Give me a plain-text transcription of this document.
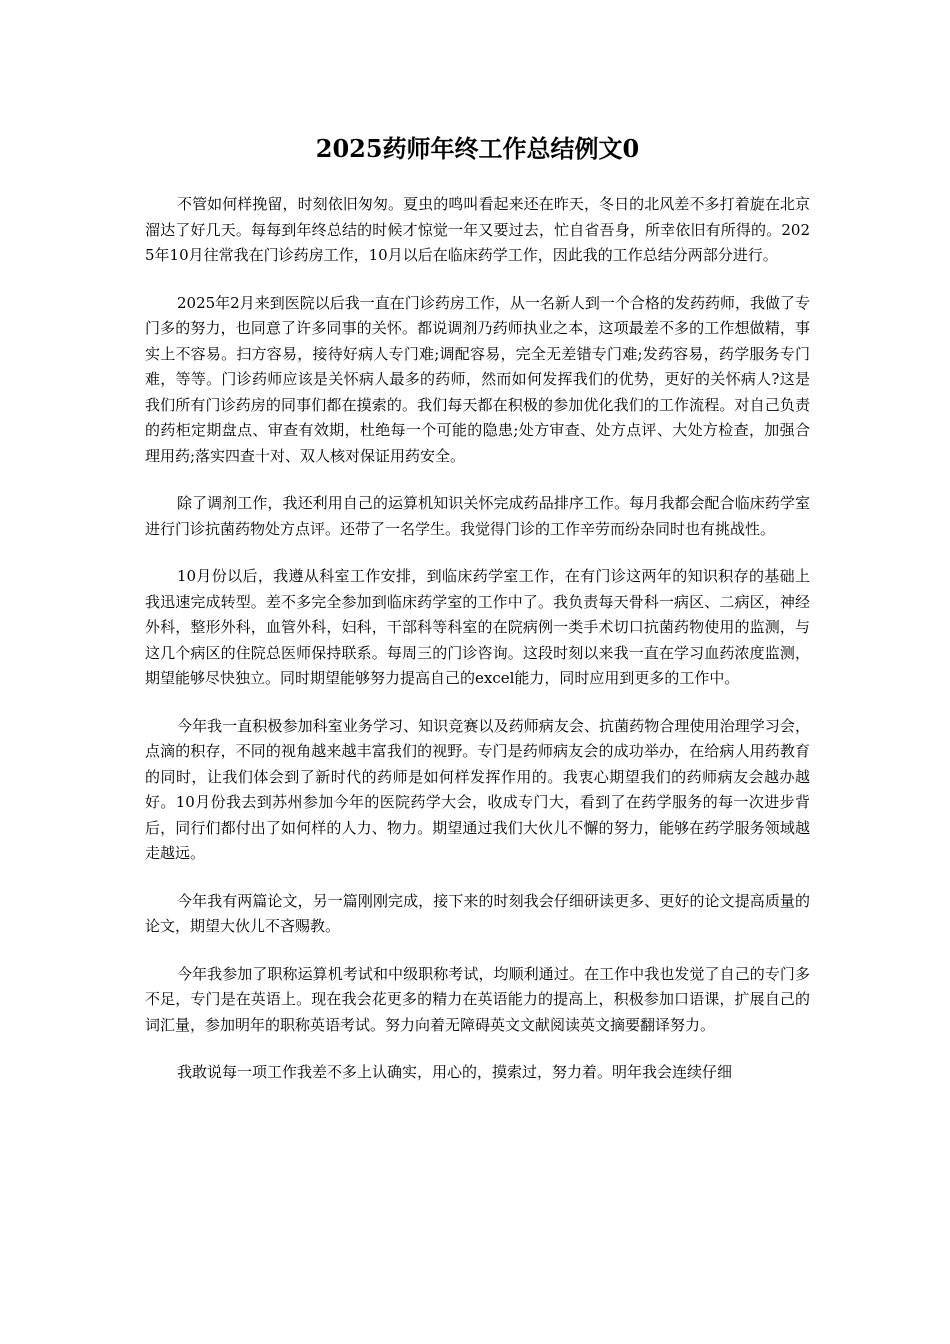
2025药师年终工作总结例文0

不管如何样挽留，时刻依旧匆匆。夏虫的鸣叫看起来还在昨天，冬日的北风差不多打着旋在北京溜达了好几天。每每到年终总结的时候才惊觉一年又要过去，忙自省吾身，所幸依旧有所得的。2025年10月往常我在门诊药房工作，10月以后在临床药学工作，因此我的工作总结分两部分进行。

2025年2月来到医院以后我一直在门诊药房工作，从一名新人到一个合格的发药药师，我做了专门多的努力，也同意了许多同事的关怀。都说调剂乃药师执业之本，这项最差不多的工作想做精，事实上不容易。扫方容易，接待好病人专门难;调配容易，完全无差错专门难;发药容易，药学服务专门难，等等。门诊药师应该是关怀病人最多的药师，然而如何发挥我们的优势，更好的关怀病人?这是我们所有门诊药房的同事们都在摸索的。我们每天都在积极的参加优化我们的工作流程。对自己负责的药柜定期盘点、审查有效期，杜绝每一个可能的隐患;处方审查、处方点评、大处方检查，加强合理用药;落实四查十对、双人核对保证用药安全。

除了调剂工作，我还利用自己的运算机知识关怀完成药品排序工作。每月我都会配合临床药学室进行门诊抗菌药物处方点评。还带了一名学生。我觉得门诊的工作辛劳而纷杂同时也有挑战性。

10月份以后，我遵从科室工作安排，到临床药学室工作，在有门诊这两年的知识积存的基础上我迅速完成转型。差不多完全参加到临床药学室的工作中了。我负责每天骨科一病区、二病区，神经外科，整形外科，血管外科，妇科，干部科等科室的在院病例一类手术切口抗菌药物使用的监测，与这几个病区的住院总医师保持联系。每周三的门诊咨询。这段时刻以来我一直在学习血药浓度监测，期望能够尽快独立。同时期望能够努力提高自己的excel能力，同时应用到更多的工作中。

今年我一直积极参加科室业务学习、知识竞赛以及药师病友会、抗菌药物合理使用治理学习会，点滴的积存，不同的视角越来越丰富我们的视野。专门是药师病友会的成功举办，在给病人用药教育的同时，让我们体会到了新时代的药师是如何样发挥作用的。我衷心期望我们的药师病友会越办越好。10月份我去到苏州参加今年的医院药学大会，收成专门大，看到了在药学服务的每一次进步背后，同行们都付出了如何样的人力、物力。期望通过我们大伙儿不懈的努力，能够在药学服务领域越走越远。

今年我有两篇论文，另一篇刚刚完成，接下来的时刻我会仔细研读更多、更好的论文提高质量的论文，期望大伙儿不吝赐教。

今年我参加了职称运算机考试和中级职称考试，均顺利通过。在工作中我也发觉了自己的专门多不足，专门是在英语上。现在我会花更多的精力在英语能力的提高上，积极参加口语课，扩展自己的词汇量，参加明年的职称英语考试。努力向着无障碍英文文献阅读英文摘要翻译努力。

我敢说每一项工作我差不多上认确实，用心的，摸索过，努力着。明年我会连续仔细
